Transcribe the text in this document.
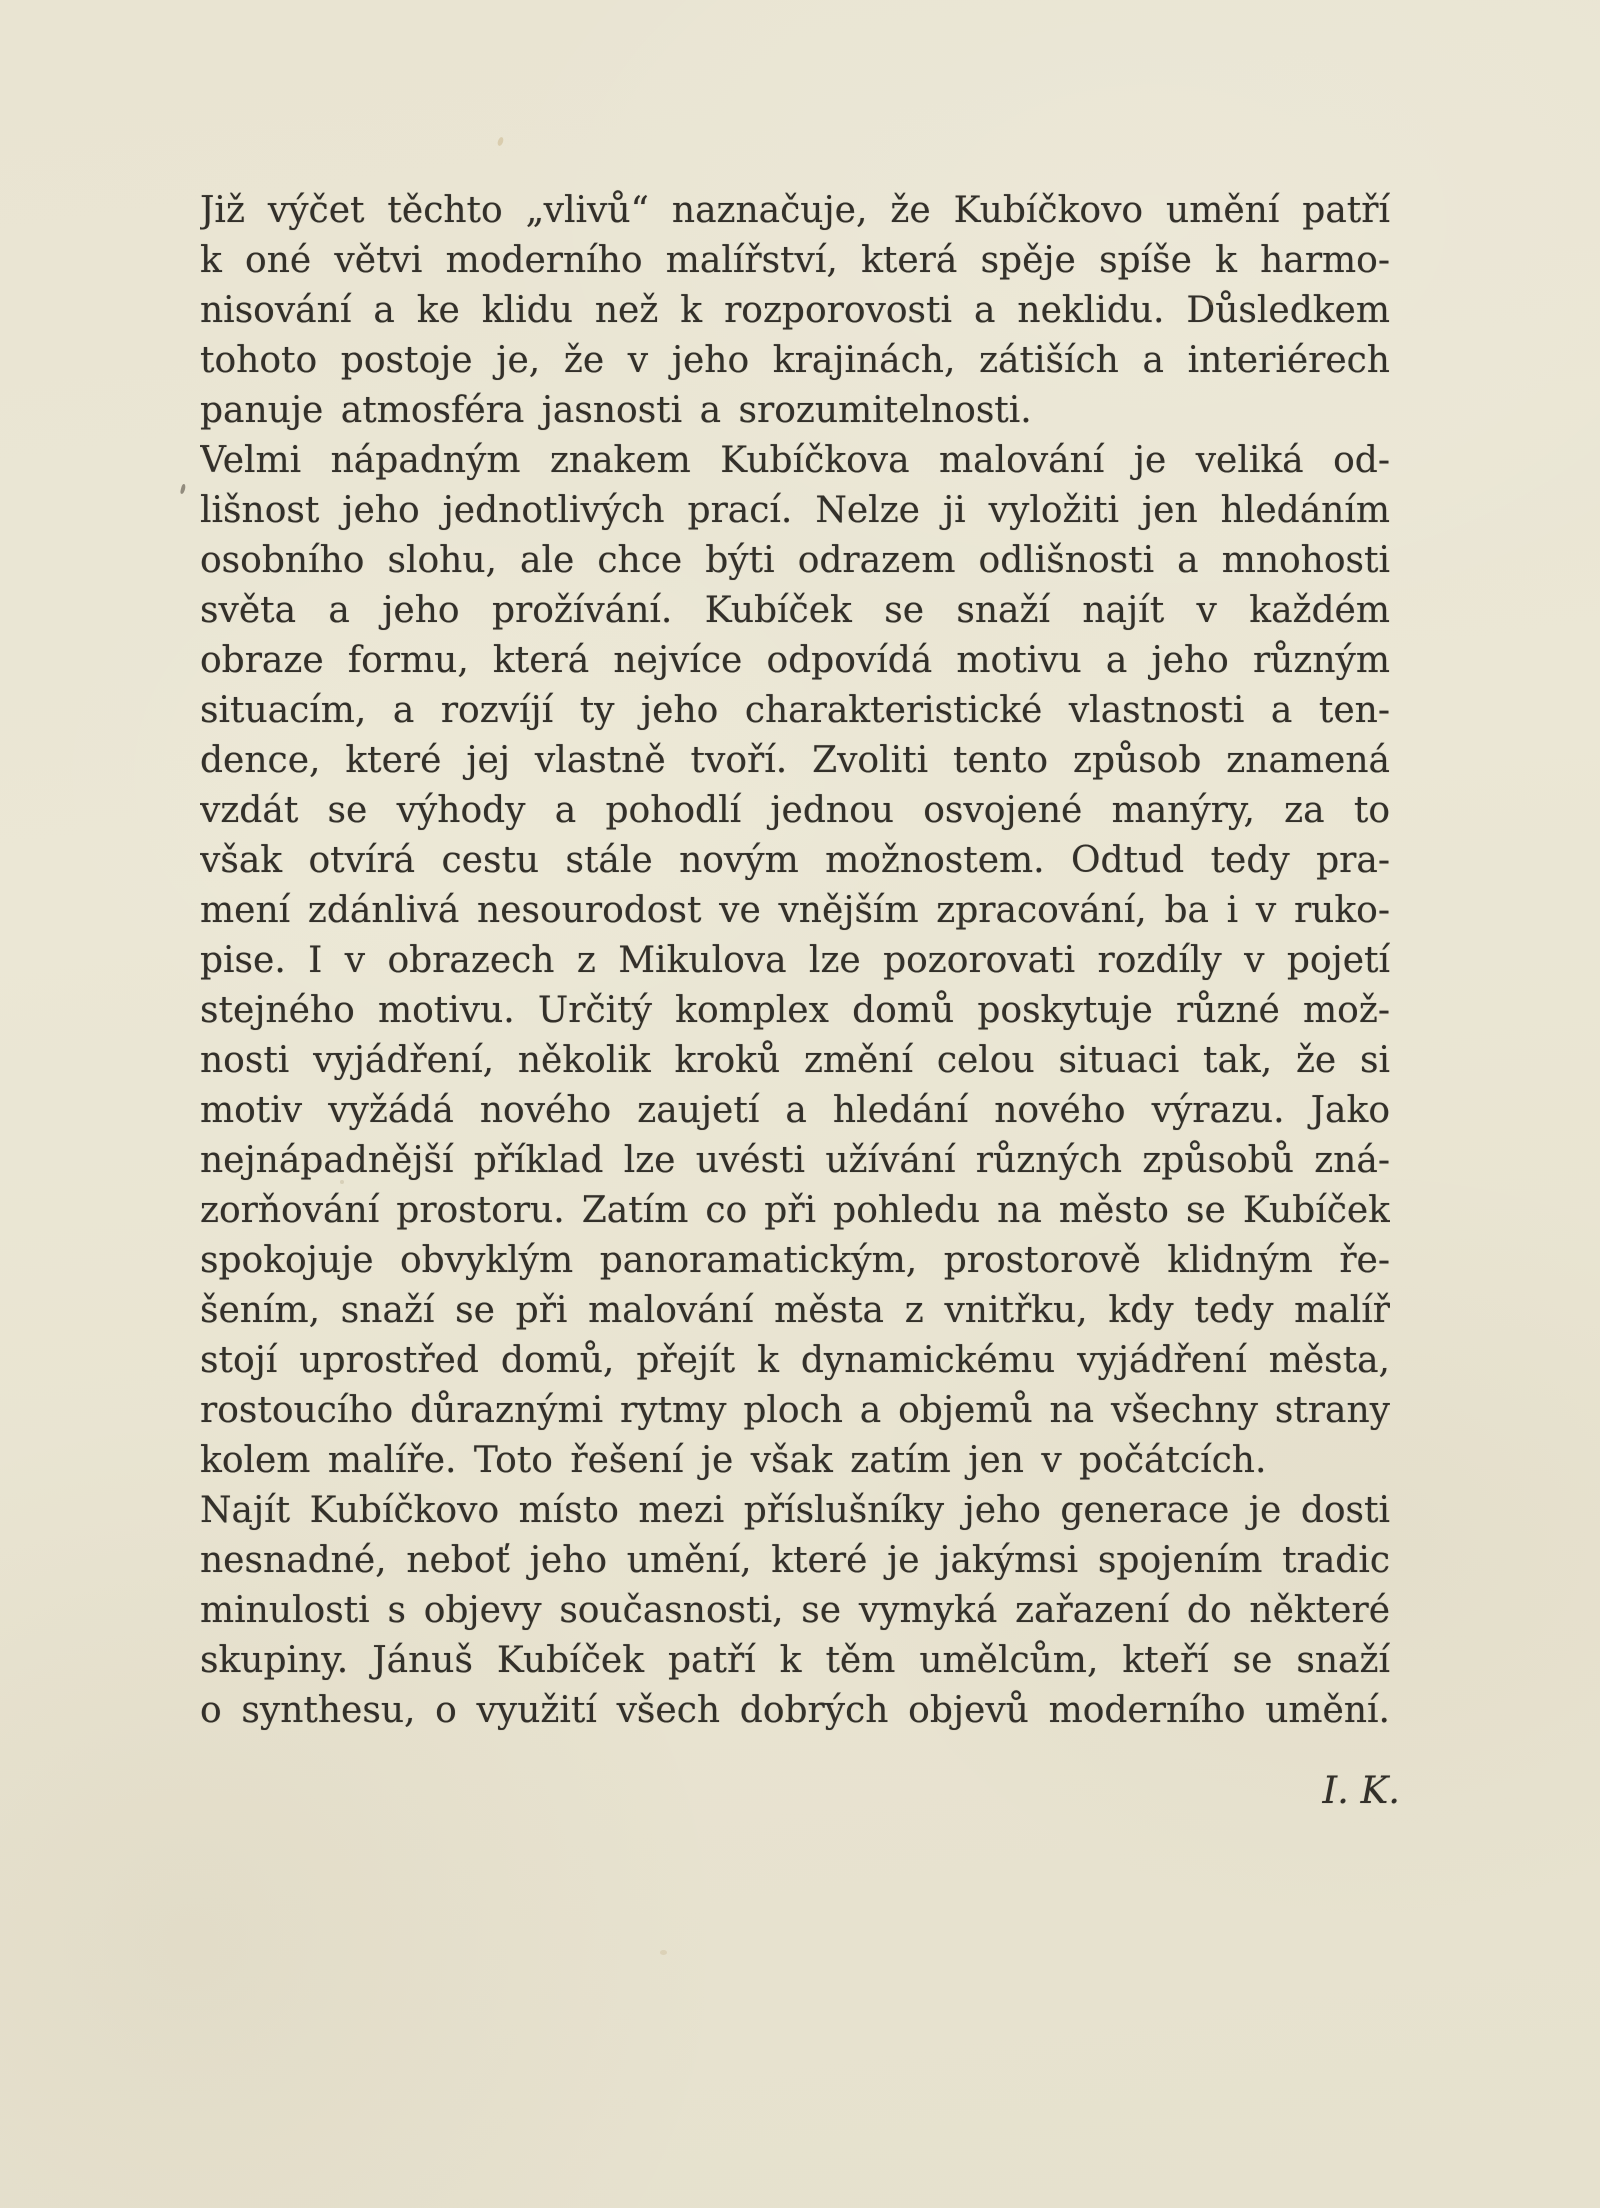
Již výčet těchto „vlivů“ naznačuje, že Kubíčkovo umění patří
k oné větvi moderního malířství, která spěje spíše k harmo-
nisování a ke klidu než k rozporovosti a neklidu. Důsledkem
tohoto postoje je, že v jeho krajinách, zátiších a interiérech
panuje atmosféra jasnosti a srozumitelnosti.
Velmi nápadným znakem Kubíčkova malování je veliká od-
lišnost jeho jednotlivých prací. Nelze ji vyložiti jen hledáním
osobního slohu, ale chce býti odrazem odlišnosti a mnohosti
světa a jeho prožívání. Kubíček se snaží najít v každém
obraze formu, která nejvíce odpovídá motivu a jeho různým
situacím, a rozvíjí ty jeho charakteristické vlastnosti a ten-
dence, které jej vlastně tvoří. Zvoliti tento způsob znamená
vzdát se výhody a pohodlí jednou osvojené manýry, za to
však otvírá cestu stále novým možnostem. Odtud tedy pra-
mení zdánlivá nesourodost ve vnějším zpracování, ba i v ruko-
pise. I v obrazech z Mikulova lze pozorovati rozdíly v pojetí
stejného motivu. Určitý komplex domů poskytuje různé mož-
nosti vyjádření, několik kroků změní celou situaci tak, že si
motiv vyžádá nového zaujetí a hledání nového výrazu. Jako
nejnápadnější příklad lze uvésti užívání různých způsobů zná-
zorňování prostoru. Zatím co při pohledu na město se Kubíček
spokojuje obvyklým panoramatickým, prostorově klidným ře-
šením, snaží se při malování města z vnitřku, kdy tedy malíř
stojí uprostřed domů, přejít k dynamickému vyjádření města,
rostoucího důraznými rytmy ploch a objemů na všechny strany
kolem malíře. Toto řešení je však zatím jen v počátcích.
Najít Kubíčkovo místo mezi příslušníky jeho generace je dosti
nesnadné, neboť jeho umění, které je jakýmsi spojením tradic
minulosti s objevy současnosti, se vymyká zařazení do některé
skupiny. Jánuš Kubíček patří k těm umělcům, kteří se snaží
o synthesu, o využití všech dobrých objevů moderního umění.
I. K.
